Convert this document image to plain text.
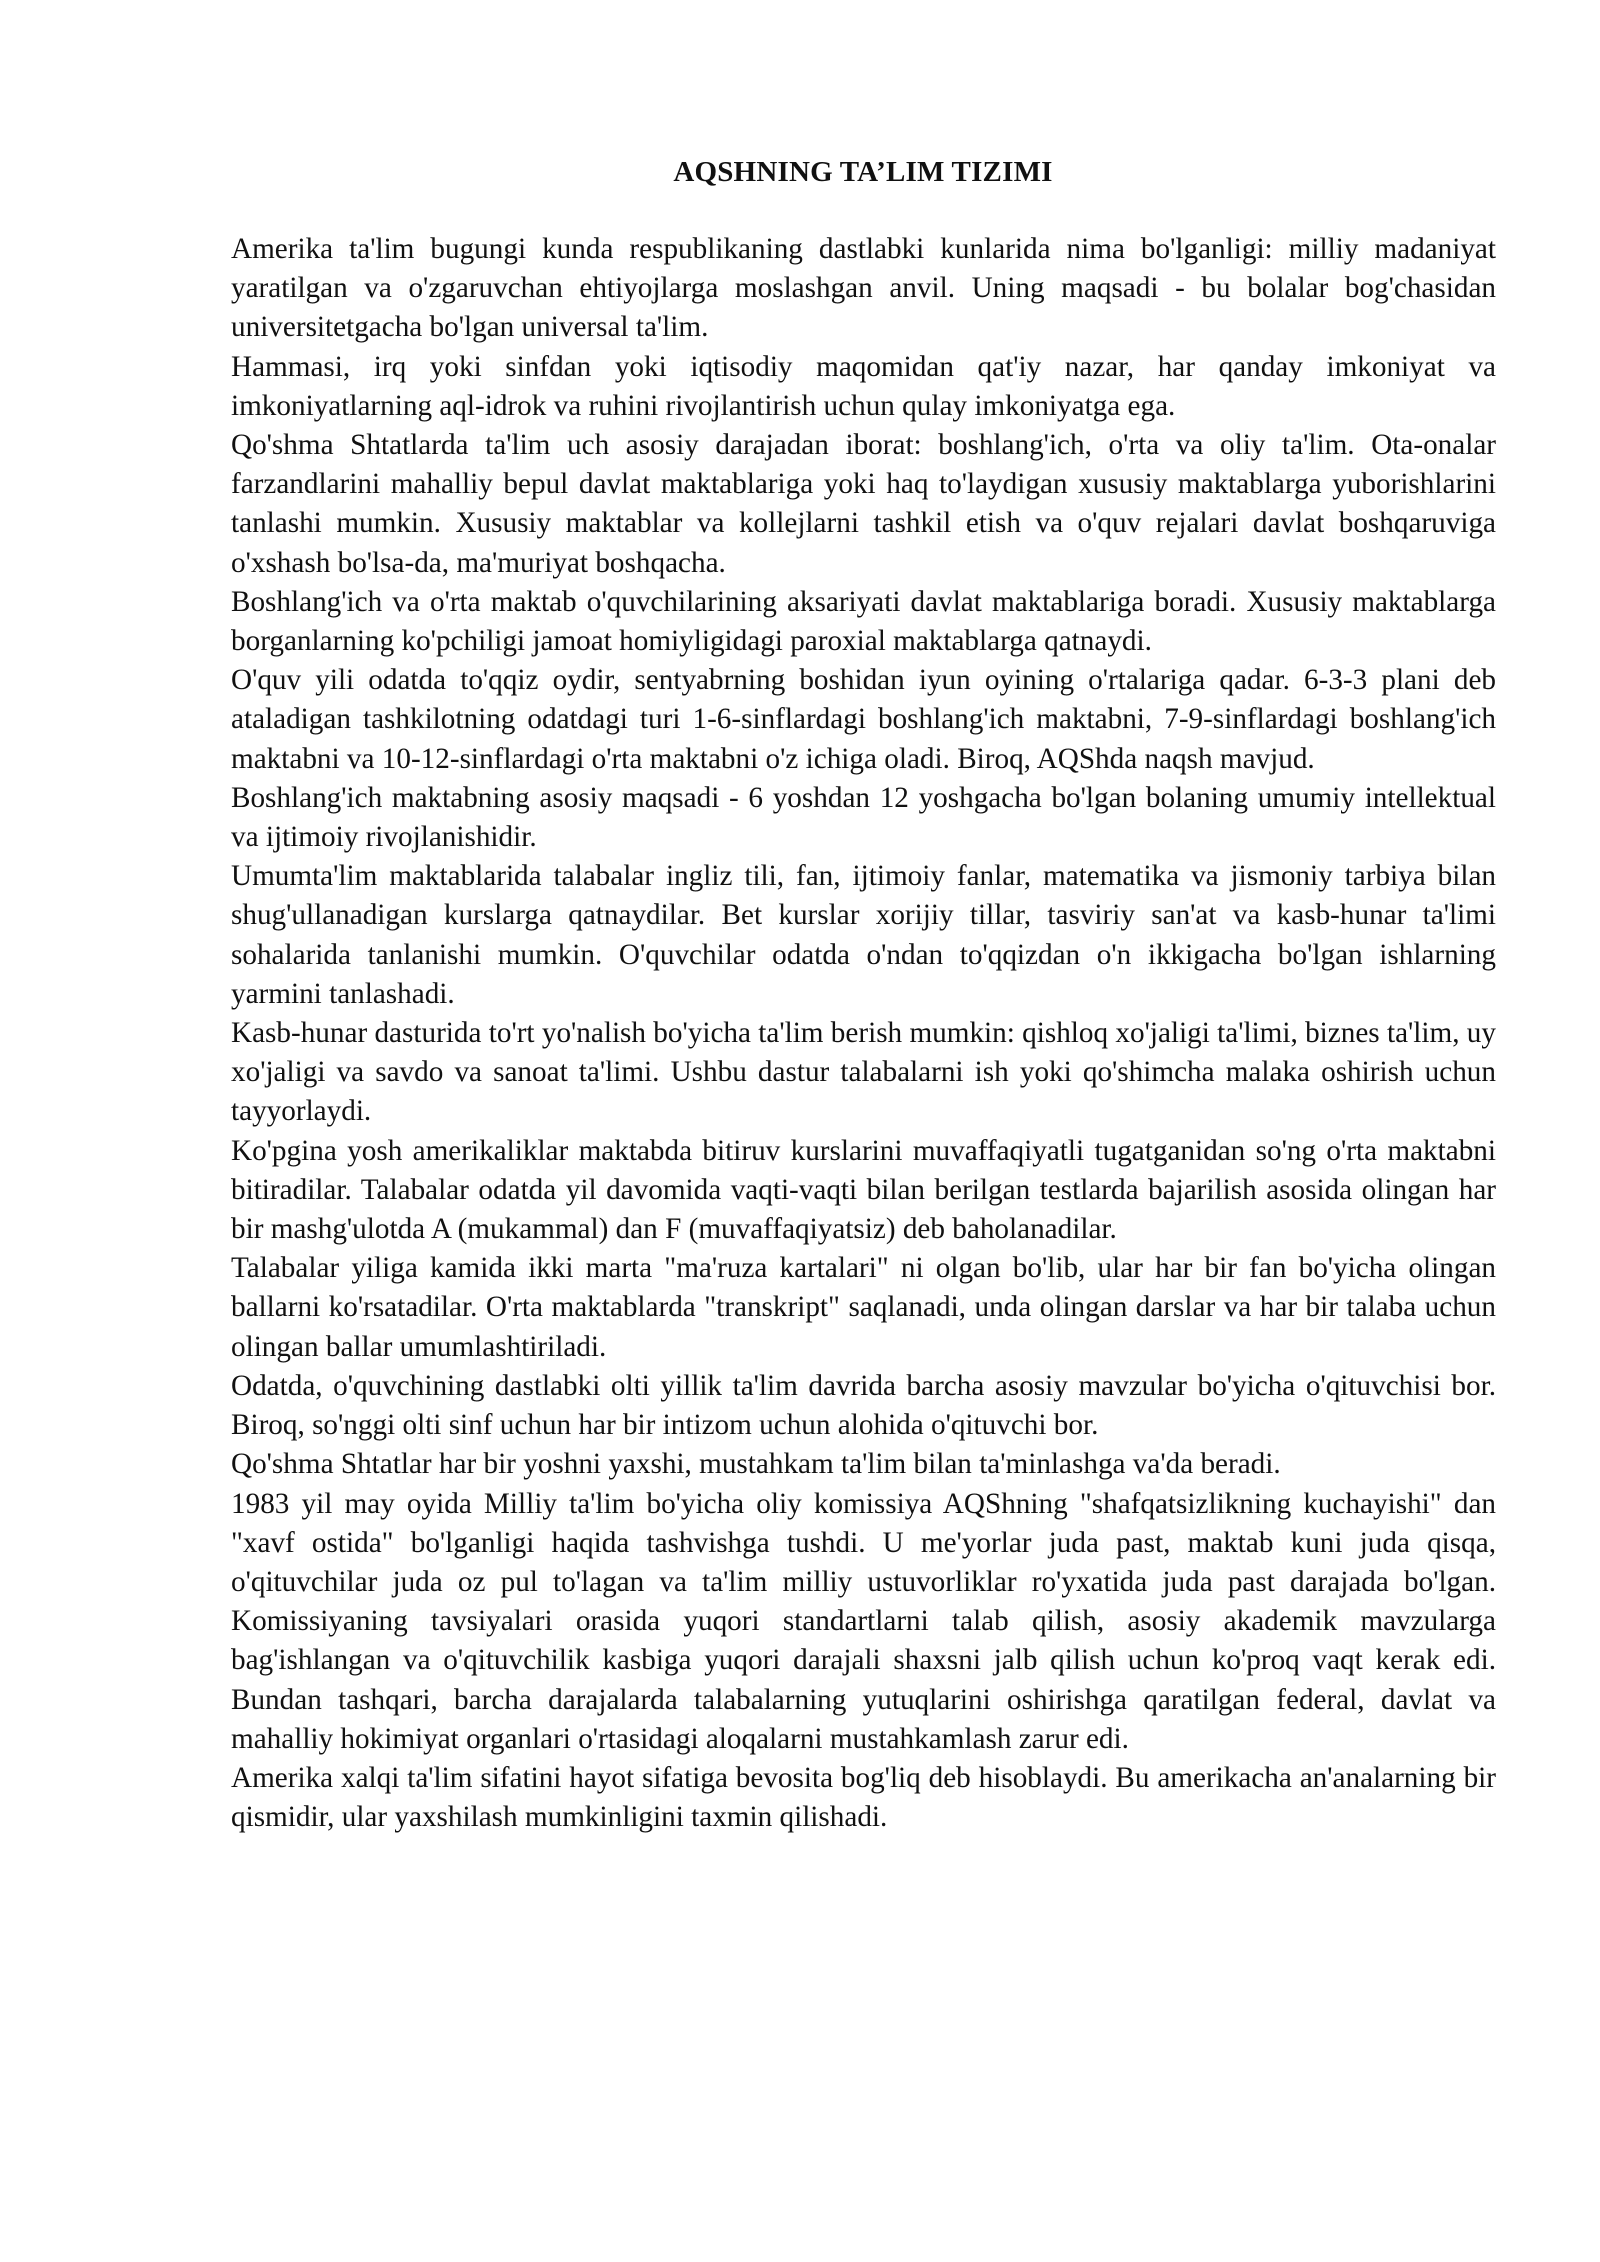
AQSHNING TA’LIM TIZIMI

Amerika ta'lim bugungi kunda respublikaning dastlabki kunlarida nima bo'lganligi: milliy madaniyat yaratilgan va o'zgaruvchan ehtiyojlarga moslashgan anvil. Uning maqsadi - bu bolalar bog'chasidan universitetgacha bo'lgan universal ta'lim.

Hammasi, irq yoki sinfdan yoki iqtisodiy maqomidan qat'iy nazar, har qanday imkoniyat va imkoniyatlarning aql-idrok va ruhini rivojlantirish uchun qulay imkoniyatga ega.

Qo'shma Shtatlarda ta'lim uch asosiy darajadan iborat: boshlang'ich, o'rta va oliy ta'lim. Ota-onalar farzandlarini mahalliy bepul davlat maktablariga yoki haq to'laydigan xususiy maktablarga yuborishlarini tanlashi mumkin. Xususiy maktablar va kollejlarni tashkil etish va o'quv rejalari davlat boshqaruviga o'xshash bo'lsa-da, ma'muriyat boshqacha.

Boshlang'ich va o'rta maktab o'quvchilarining aksariyati davlat maktablariga boradi. Xususiy maktablarga borganlarning ko'pchiligi jamoat homiyligidagi paroxial maktablarga qatnaydi.

O'quv yili odatda to'qqiz oydir, sentyabrning boshidan iyun oyining o'rtalariga qadar. 6-3-3 plani deb ataladigan tashkilotning odatdagi turi 1-6-sinflardagi boshlang'ich maktabni, 7-9-sinflardagi boshlang'ich maktabni va 10-12-sinflardagi o'rta maktabni o'z ichiga oladi. Biroq, AQShda naqsh mavjud.

Boshlang'ich maktabning asosiy maqsadi - 6 yoshdan 12 yoshgacha bo'lgan bolaning umumiy intellektual va ijtimoiy rivojlanishidir.

Umumta'lim maktablarida talabalar ingliz tili, fan, ijtimoiy fanlar, matematika va jismoniy tarbiya bilan shug'ullanadigan kurslarga qatnaydilar. Bet kurslar xorijiy tillar, tasviriy san'at va kasb-hunar ta'limi sohalarida tanlanishi mumkin. O'quvchilar odatda o'ndan to'qqizdan o'n ikkigacha bo'lgan ishlarning yarmini tanlashadi.

Kasb-hunar dasturida to'rt yo'nalish bo'yicha ta'lim berish mumkin: qishloq xo'jaligi ta'limi, biznes ta'lim, uy xo'jaligi va savdo va sanoat ta'limi. Ushbu dastur talabalarni ish yoki qo'shimcha malaka oshirish uchun tayyorlaydi.

Ko'pgina yosh amerikaliklar maktabda bitiruv kurslarini muvaffaqiyatli tugatganidan so'ng o'rta maktabni bitiradilar. Talabalar odatda yil davomida vaqti-vaqti bilan berilgan testlarda bajarilish asosida olingan har bir mashg'ulotda A (mukammal) dan F (muvaffaqiyatsiz) deb baholanadilar.

Talabalar yiliga kamida ikki marta "ma'ruza kartalari" ni olgan bo'lib, ular har bir fan bo'yicha olingan ballarni ko'rsatadilar. O'rta maktablarda "transkript" saqlanadi, unda olingan darslar va har bir talaba uchun olingan ballar umumlashtiriladi.

Odatda, o'quvchining dastlabki olti yillik ta'lim davrida barcha asosiy mavzular bo'yicha o'qituvchisi bor. Biroq, so'nggi olti sinf uchun har bir intizom uchun alohida o'qituvchi bor.

Qo'shma Shtatlar har bir yoshni yaxshi, mustahkam ta'lim bilan ta'minlashga va'da beradi.

1983 yil may oyida Milliy ta'lim bo'yicha oliy komissiya AQShning "shafqatsizlikning kuchayishi" dan "xavf ostida" bo'lganligi haqida tashvishga tushdi. U me'yorlar juda past, maktab kuni juda qisqa, o'qituvchilar juda oz pul to'lagan va ta'lim milliy ustuvorliklar ro'yxatida juda past darajada bo'lgan. Komissiyaning tavsiyalari orasida yuqori standartlarni talab qilish, asosiy akademik mavzularga bag'ishlangan va o'qituvchilik kasbiga yuqori darajali shaxsni jalb qilish uchun ko'proq vaqt kerak edi. Bundan tashqari, barcha darajalarda talabalarning yutuqlarini oshirishga qaratilgan federal, davlat va mahalliy hokimiyat organlari o'rtasidagi aloqalarni mustahkamlash zarur edi.

Amerika xalqi ta'lim sifatini hayot sifatiga bevosita bog'liq deb hisoblaydi. Bu amerikacha an'analarning bir qismidir, ular yaxshilash mumkinligini taxmin qilishadi.
